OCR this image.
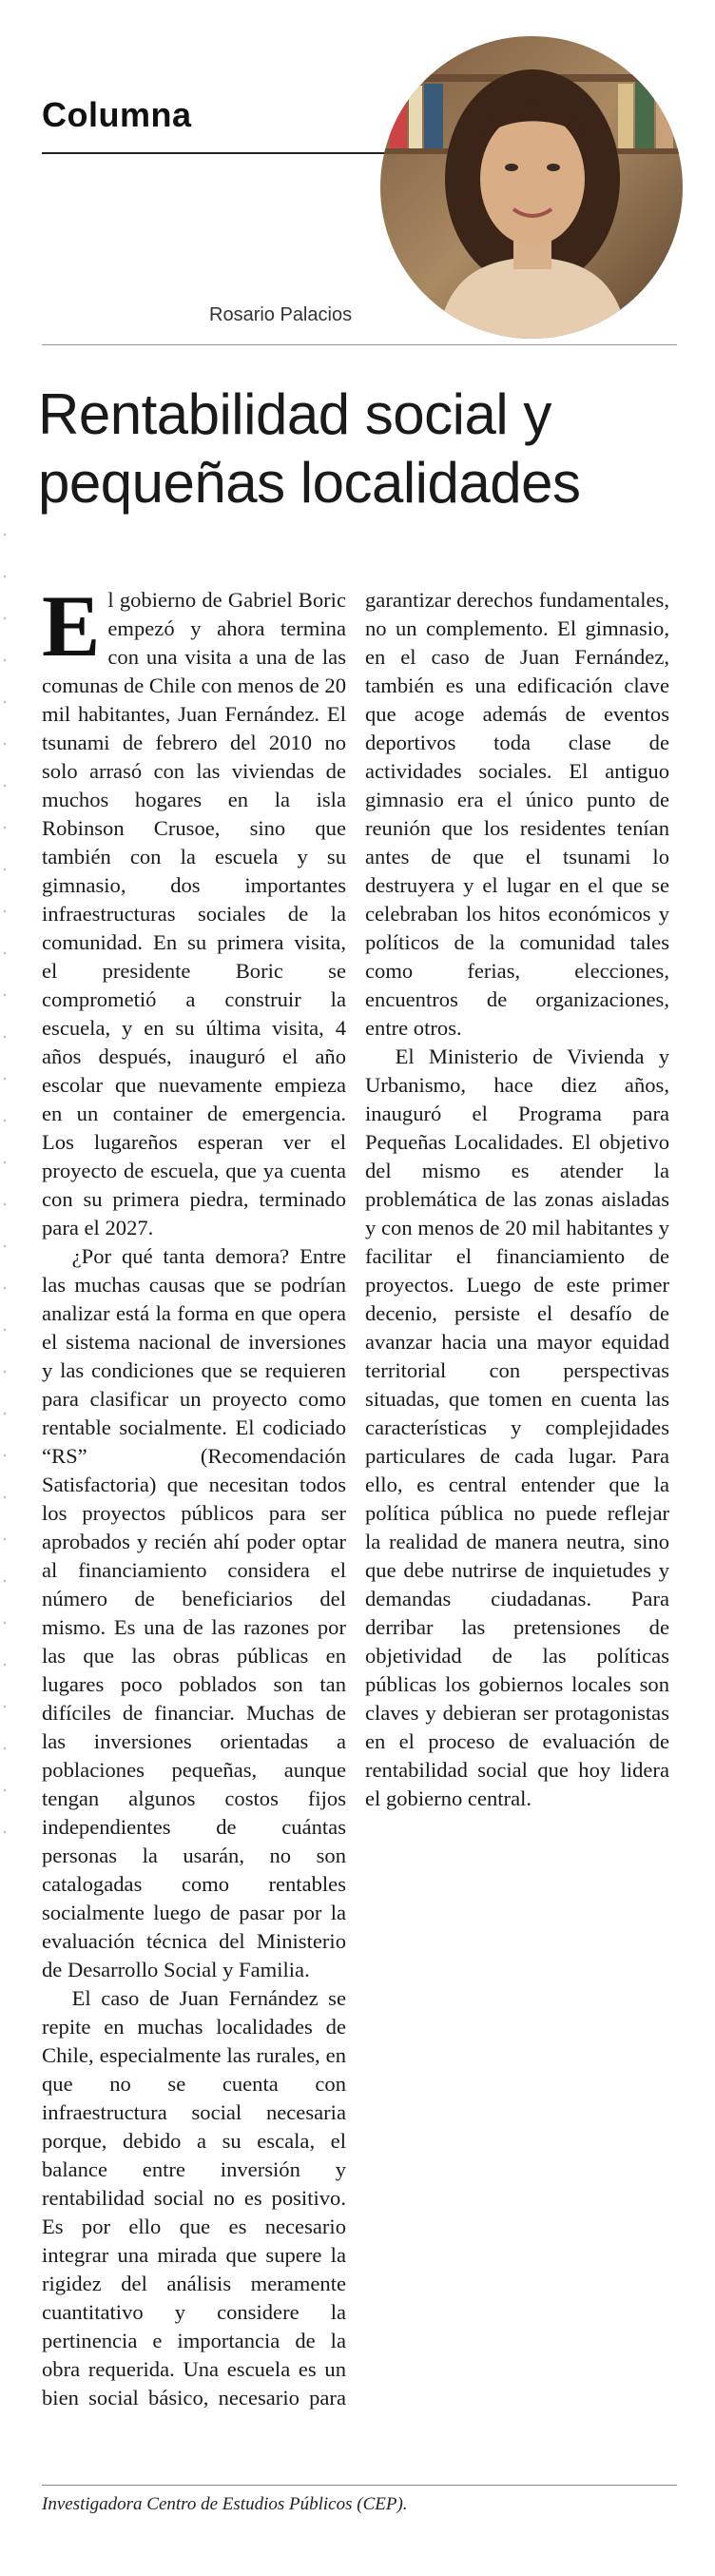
Columna
Rosario Palacios
Rentabilidad social y pequeñas localidades

El gobierno de Gabriel Boric empezó y ahora termina con una visita a una de las comunas de Chile con menos de 20 mil habitantes, Juan Fernández. El tsunami de febrero del 2010 no solo arrasó con las viviendas de muchos hogares en la isla Robinson Crusoe, sino que también con la escuela y su gimnasio, dos importantes infraestructuras sociales de la comunidad. En su primera visita, el presidente Boric se comprometió a construir la escuela, y en su última visita, 4 años después, inauguró el año escolar que nuevamente empieza en un container de emergencia. Los lugareños esperan ver el proyecto de escuela, que ya cuenta con su primera piedra, terminado para el 2027.

¿Por qué tanta demora? Entre las muchas causas que se podrían analizar está la forma en que opera el sistema nacional de inversiones y las condiciones que se requieren para clasificar un proyecto como rentable socialmente. El codiciado “RS” (Recomendación Satisfactoria) que necesitan todos los proyectos públicos para ser aprobados y recién ahí poder optar al financiamiento considera el número de beneficiarios del mismo. Es una de las razones por las que las obras públicas en lugares poco poblados son tan difíciles de financiar. Muchas de las inversiones orientadas a poblaciones pequeñas, aunque tengan algunos costos fijos independientes de cuántas personas la usarán, no son catalogadas como rentables socialmente luego de pasar por la evaluación técnica del Ministerio de Desarrollo Social y Familia.

El caso de Juan Fernández se repite en muchas localidades de Chile, especialmente las rurales, en que no se cuenta con infraestructura social necesaria porque, debido a su escala, el balance entre inversión y rentabilidad social no es positivo. Es por ello que es necesario integrar una mirada que supere la rigidez del análisis meramente cuantitativo y considere la pertinencia e importancia de la obra requerida. Una escuela es un bien social básico, necesario para garantizar derechos fundamentales, no un complemento. El gimnasio, en el caso de Juan Fernández, también es una edificación clave que acoge además de eventos deportivos toda clase de actividades sociales. El antiguo gimnasio era el único punto de reunión que los residentes tenían antes de que el tsunami lo destruyera y el lugar en el que se celebraban los hitos económicos y políticos de la comunidad tales como ferias, elecciones, encuentros de organizaciones, entre otros.

El Ministerio de Vivienda y Urbanismo, hace diez años, inauguró el Programa para Pequeñas Localidades. El objetivo del mismo es atender la problemática de las zonas aisladas y con menos de 20 mil habitantes y facilitar el financiamiento de proyectos. Luego de este primer decenio, persiste el desafío de avanzar hacia una mayor equidad territorial con perspectivas situadas, que tomen en cuenta las características y complejidades particulares de cada lugar. Para ello, es central entender que la política pública no puede reflejar la realidad de manera neutra, sino que debe nutrirse de inquietudes y demandas ciudadanas. Para derribar las pretensiones de objetividad de las políticas públicas los gobiernos locales son claves y debieran ser protagonistas en el proceso de evaluación de rentabilidad social que hoy lidera el gobierno central.

Investigadora Centro de Estudios Públicos (CEP).
